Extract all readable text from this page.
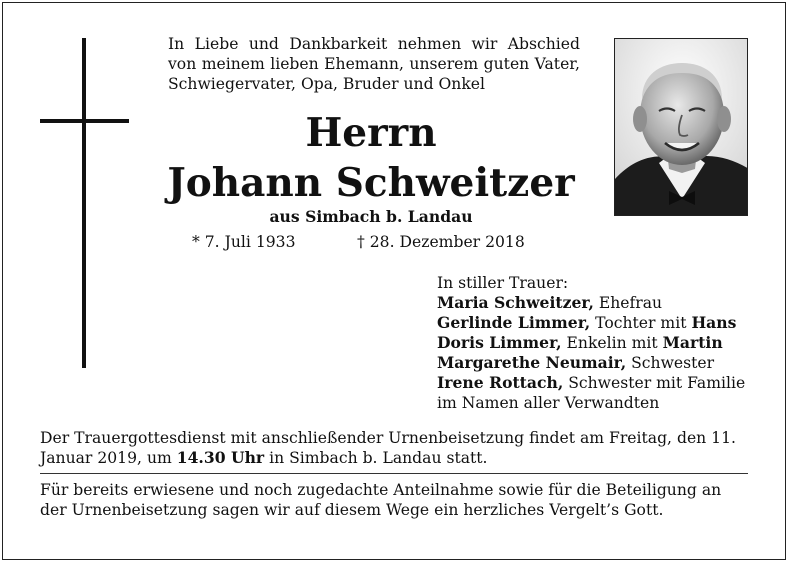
In Liebe und Dankbarkeit nehmen wir Abschied von meinem lieben Ehemann, unserem guten Vater, Schwiegervater, Opa, Bruder und Onkel
Herrn
Johann Schweitzer
aus Simbach b. Landau
* 7. Juli 1933	† 28. Dezember 2018
In stiller Trauer:
Maria Schweitzer, Ehefrau
Gerlinde Limmer, Tochter mit Hans
Doris Limmer, Enkelin mit Martin
Margarethe Neumair, Schwester
Irene Rottach, Schwester mit Familie
im Namen aller Verwandten
Der Trauergottesdienst mit anschließender Urnenbeisetzung findet am Freitag, den 11. Januar 2019, um 14.30 Uhr in Simbach b. Landau statt.
Für bereits erwiesene und noch zugedachte Anteilnahme sowie für die Beteiligung an der Urnenbeisetzung sagen wir auf diesem Wege ein herzliches Vergelt’s Gott.
